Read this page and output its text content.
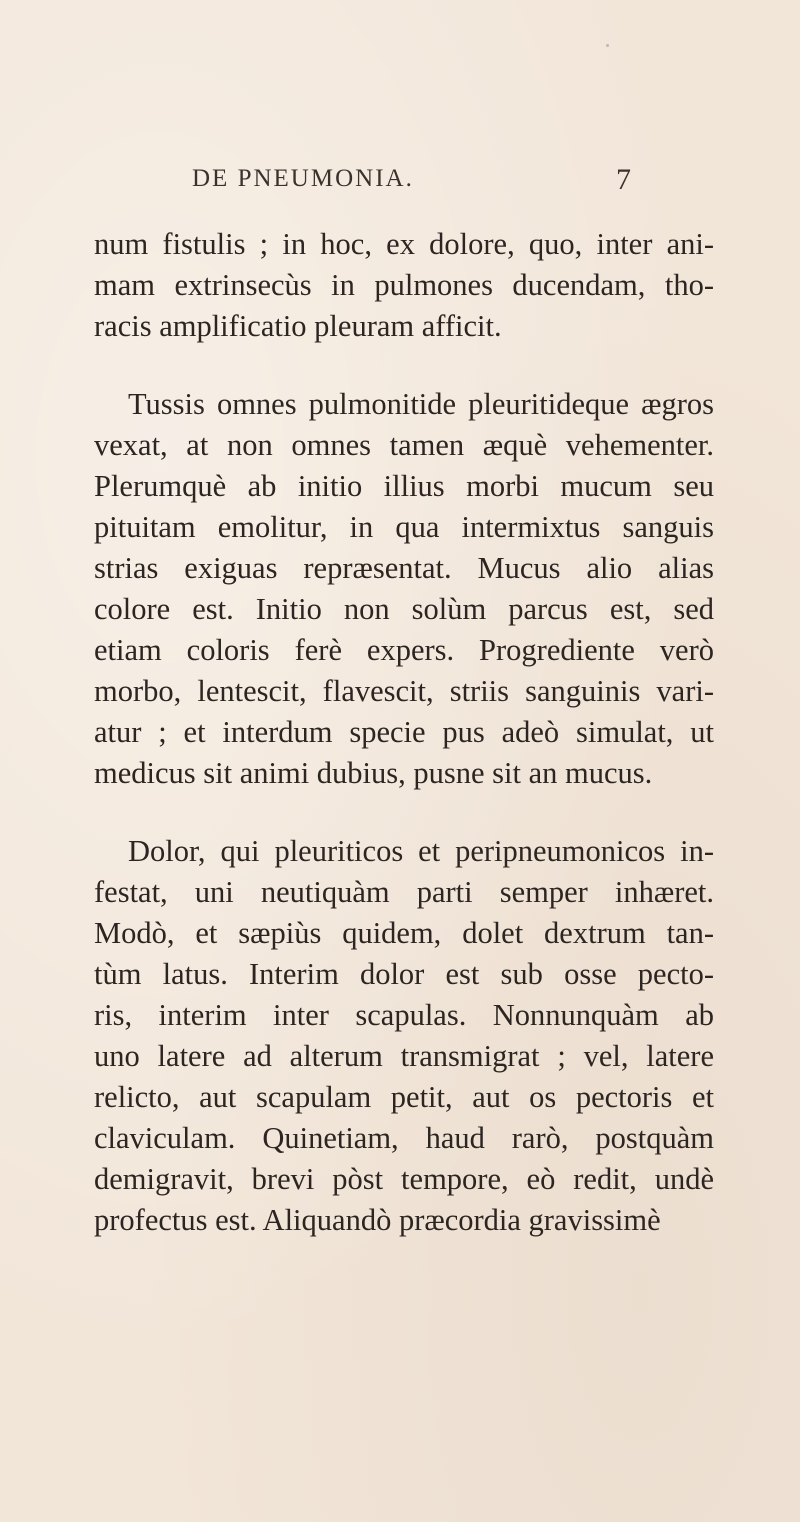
DE PNEUMONIA.	7
num fistulis ; in hoc, ex dolore, quo, inter ani-
mam extrinsecùs in pulmones ducendam, tho-
racis amplificatio pleuram afficit.
Tussis omnes pulmonitide pleuritideque ægros
vexat, at non omnes tamen æquè vehementer.
Plerumquè ab initio illius morbi mucum seu
pituitam emolitur, in qua intermixtus sanguis
strias exiguas repræsentat. Mucus alio alias
colore est. Initio non solùm parcus est, sed
etiam coloris ferè expers. Progrediente verò
morbo, lentescit, flavescit, striis sanguinis vari-
atur ; et interdum specie pus adeò simulat, ut
medicus sit animi dubius, pusne sit an mucus.
Dolor, qui pleuriticos et peripneumonicos in-
festat, uni neutiquàm parti semper inhæret.
Modò, et sæpiùs quidem, dolet dextrum tan-
tùm latus. Interim dolor est sub osse pecto-
ris, interim inter scapulas. Nonnunquàm ab
uno latere ad alterum transmigrat ; vel, latere
relicto, aut scapulam petit, aut os pectoris et
claviculam. Quinetiam, haud rarò, postquàm
demigravit, brevi pòst tempore, eò redit, undè
profectus est. Aliquandò præcordia gravissimè
